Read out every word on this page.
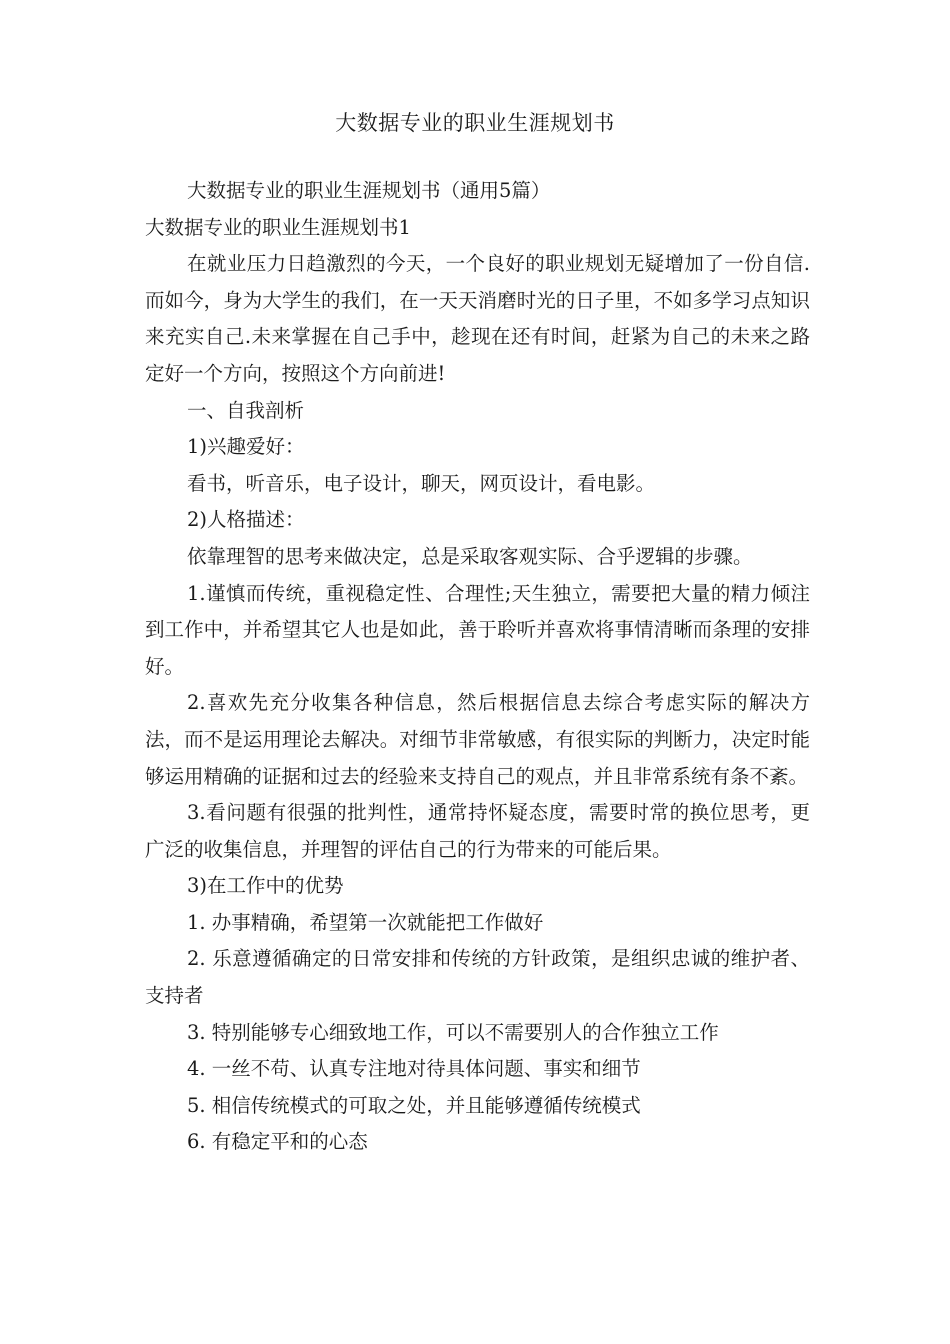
大数据专业的职业生涯规划书

大数据专业的职业生涯规划书（通用5篇）

大数据专业的职业生涯规划书1

在就业压力日趋激烈的今天，一个良好的职业规划无疑增加了一份自信.而如今，身为大学生的我们，在一天天消磨时光的日子里，不如多学习点知识来充实自己.未来掌握在自己手中，趁现在还有时间，赶紧为自己的未来之路定好一个方向，按照这个方向前进!

一、自我剖析

1)兴趣爱好：

看书，听音乐，电子设计，聊天，网页设计，看电影。

2)人格描述：

依靠理智的思考来做决定，总是采取客观实际、合乎逻辑的步骤。

1.谨慎而传统，重视稳定性、合理性;天生独立，需要把大量的精力倾注到工作中，并希望其它人也是如此，善于聆听并喜欢将事情清晰而条理的安排好。

2.喜欢先充分收集各种信息，然后根据信息去综合考虑实际的解决方法，而不是运用理论去解决。对细节非常敏感，有很实际的判断力，决定时能够运用精确的证据和过去的经验来支持自己的观点，并且非常系统有条不紊。

3.看问题有很强的批判性，通常持怀疑态度，需要时常的换位思考，更广泛的收集信息，并理智的评估自己的行为带来的可能后果。

3)在工作中的优势

1. 办事精确，希望第一次就能把工作做好

2. 乐意遵循确定的日常安排和传统的方针政策，是组织忠诚的维护者、支持者

3. 特别能够专心细致地工作，可以不需要别人的合作独立工作

4. 一丝不苟、认真专注地对待具体问题、事实和细节

5. 相信传统模式的可取之处，并且能够遵循传统模式

6. 有稳定平和的心态
